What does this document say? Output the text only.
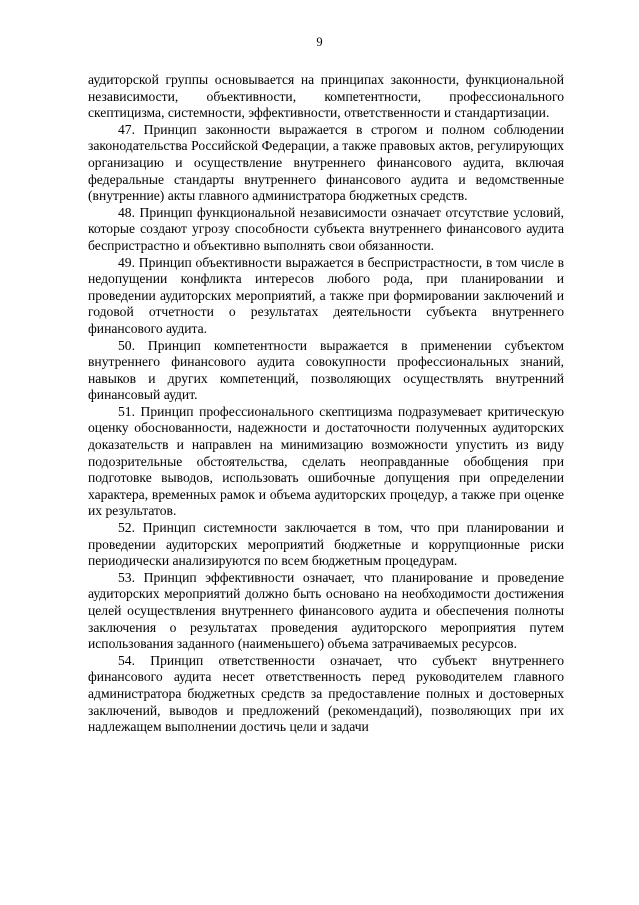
9

аудиторской группы основывается на принципах законности, функциональной независимости, объективности, компетентности, профессионального скептицизма, системности, эффективности, ответственности и стандартизации.

47. Принцип законности выражается в строгом и полном соблюдении законодательства Российской Федерации, а также правовых актов, регулирующих организацию и осуществление внутреннего финансового аудита, включая федеральные стандарты внутреннего финансового аудита и ведомственные (внутренние) акты главного администратора бюджетных средств.

48. Принцип функциональной независимости означает отсутствие условий, которые создают угрозу способности субъекта внутреннего финансового аудита беспристрастно и объективно выполнять свои обязанности.

49. Принцип объективности выражается в беспристрастности, в том числе в недопущении конфликта интересов любого рода, при планировании и проведении аудиторских мероприятий, а также при формировании заключений и годовой отчетности о результатах деятельности субъекта внутреннего финансового аудита.

50. Принцип компетентности выражается в применении субъектом внутреннего финансового аудита совокупности профессиональных знаний, навыков и других компетенций, позволяющих осуществлять внутренний финансовый аудит.

51. Принцип профессионального скептицизма подразумевает критическую оценку обоснованности, надежности и достаточности полученных аудиторских доказательств и направлен на минимизацию возможности упустить из виду подозрительные обстоятельства, сделать неоправданные обобщения при подготовке выводов, использовать ошибочные допущения при определении характера, временных рамок и объема аудиторских процедур, а также при оценке их результатов.

52. Принцип системности заключается в том, что при планировании и проведении аудиторских мероприятий бюджетные и коррупционные риски периодически анализируются по всем бюджетным процедурам.

53. Принцип эффективности означает, что планирование и проведение аудиторских мероприятий должно быть основано на необходимости достижения целей осуществления внутреннего финансового аудита и обеспечения полноты заключения о результатах проведения аудиторского мероприятия путем использования заданного (наименьшего) объема затрачиваемых ресурсов.

54. Принцип ответственности означает, что субъект внутреннего финансового аудита несет ответственность перед руководителем главного администратора бюджетных средств за предоставление полных и достоверных заключений, выводов и предложений (рекомендаций), позволяющих при их надлежащем выполнении достичь цели и задачи
